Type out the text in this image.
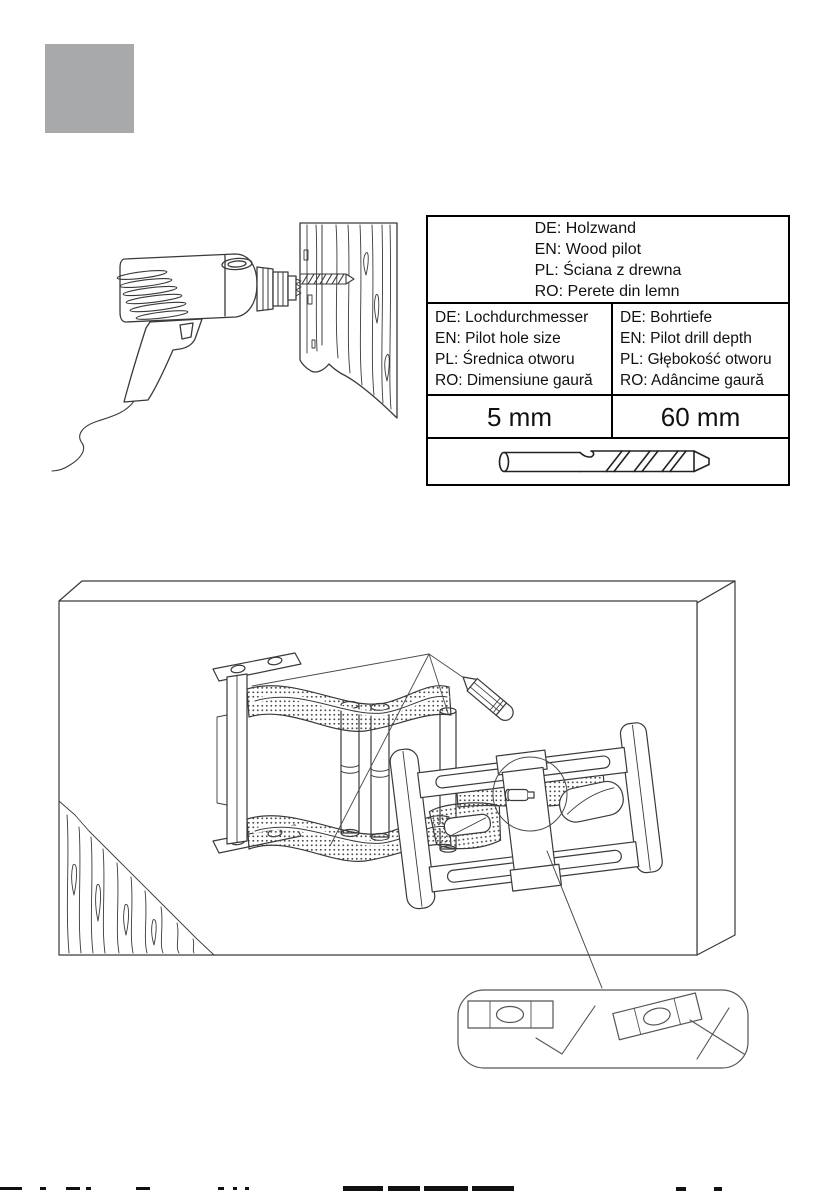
DE: Holzwand
EN: Wood pilot
PL: Ściana z drewna
RO: Perete din lemn
DE: Lochdurchmesser
EN: Pilot hole size
PL: Średnica otworu
RO: Dimensiune gaură
DE: Bohrtiefe
EN: Pilot drill depth
PL: Głębokość otworu
RO: Adâncime gaură
5 mm	60 mm
